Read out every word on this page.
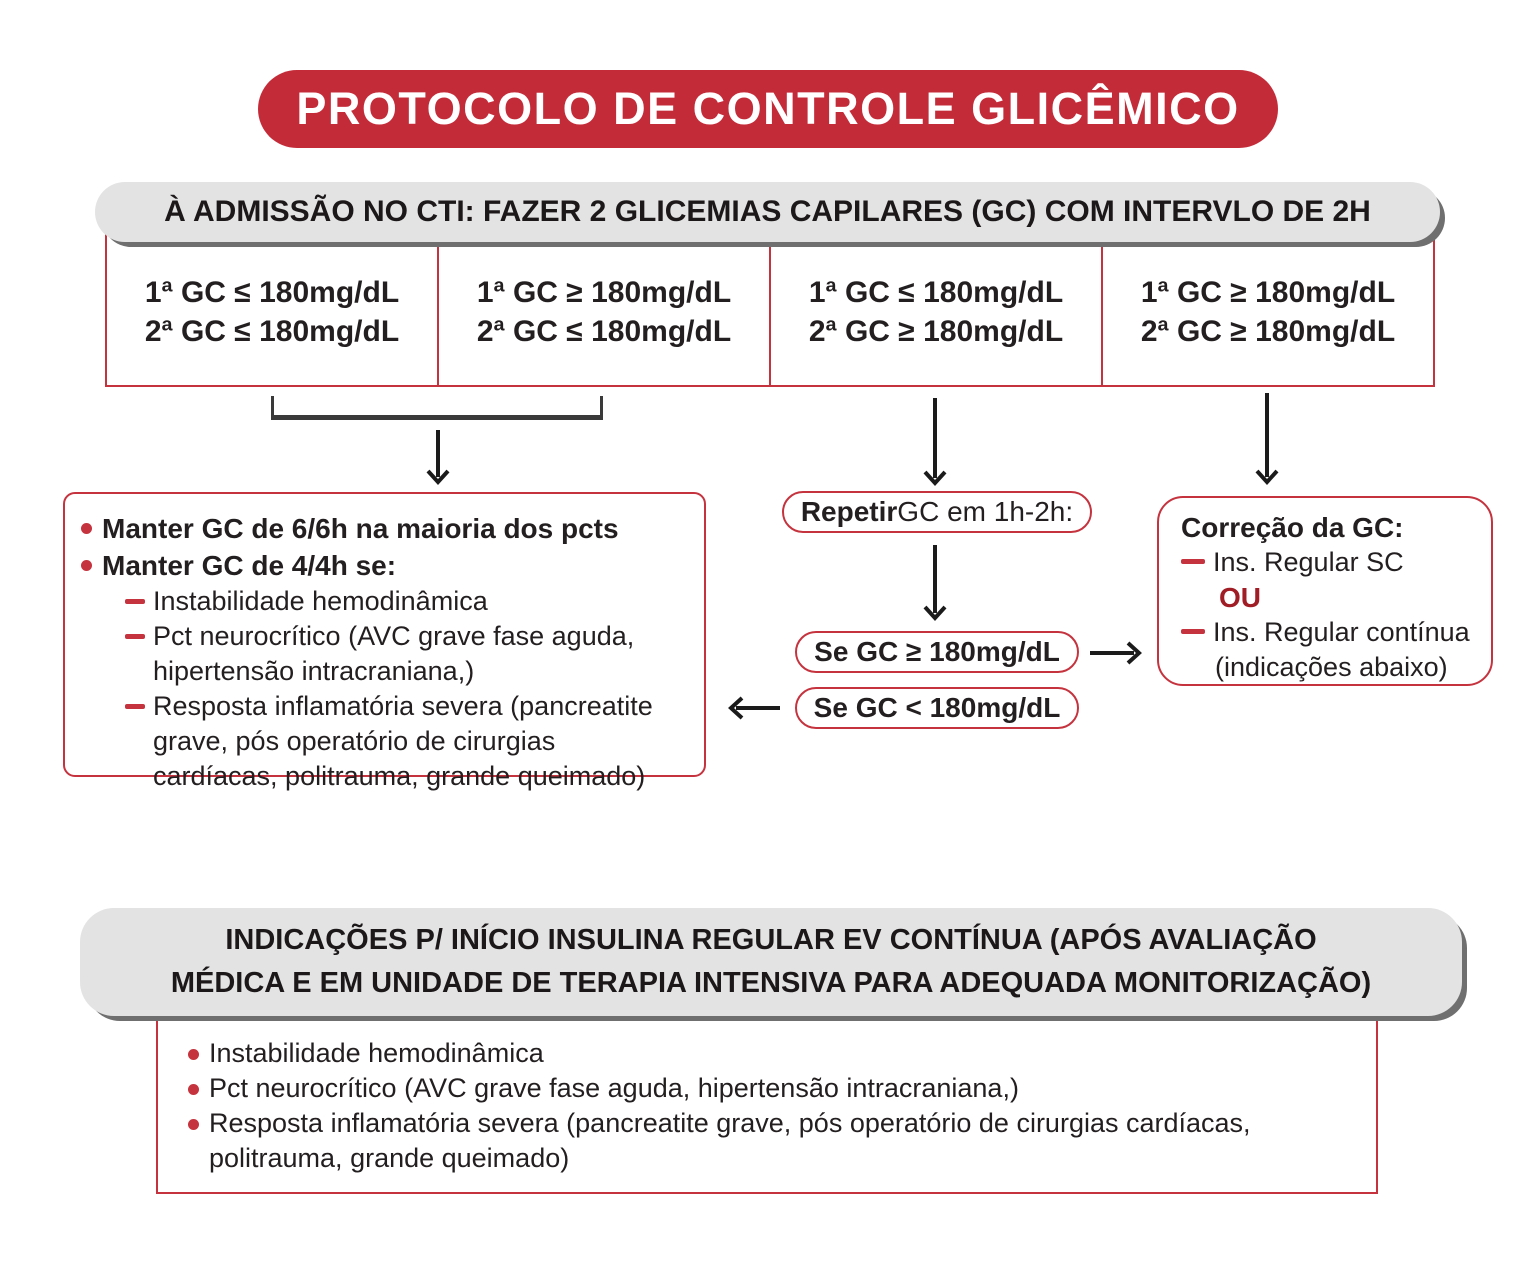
PROTOCOLO DE CONTROLE GLICÊMICO
À ADMISSÃO NO CTI: FAZER 2 GLICEMIAS CAPILARES (GC) COM INTERVLO DE 2H
1ª GC ≤ 180mg/dL
2ª GC ≤ 180mg/dL
1ª GC ≥ 180mg/dL
2ª GC ≤ 180mg/dL
1ª GC ≤ 180mg/dL
2ª GC ≥ 180mg/dL
1ª GC ≥ 180mg/dL
2ª GC ≥ 180mg/dL
Manter GC de 6/6h na maioria dos pcts
Manter GC de 4/4h se:
Instabilidade hemodinâmica
Pct neurocrítico (AVC grave fase aguda, hipertensão intracraniana,)
Resposta inflamatória severa (pancreatite grave, pós operatório de cirurgias cardíacas, politrauma, grande queimado)
Repetir GC em 1h-2h:
Se GC ≥ 180mg/dL
Se GC < 180mg/dL
Correção da GC:
Ins. Regular SC
OU
Ins. Regular contínua
(indicações abaixo)
INDICAÇÕES P/ INÍCIO INSULINA REGULAR EV CONTÍNUA (APÓS AVALIAÇÃO
MÉDICA E EM UNIDADE DE TERAPIA INTENSIVA PARA ADEQUADA MONITORIZAÇÃO)
Instabilidade hemodinâmica
Pct neurocrítico (AVC grave fase aguda, hipertensão intracraniana,)
Resposta inflamatória severa (pancreatite grave, pós operatório de cirurgias cardíacas, politrauma, grande queimado)
